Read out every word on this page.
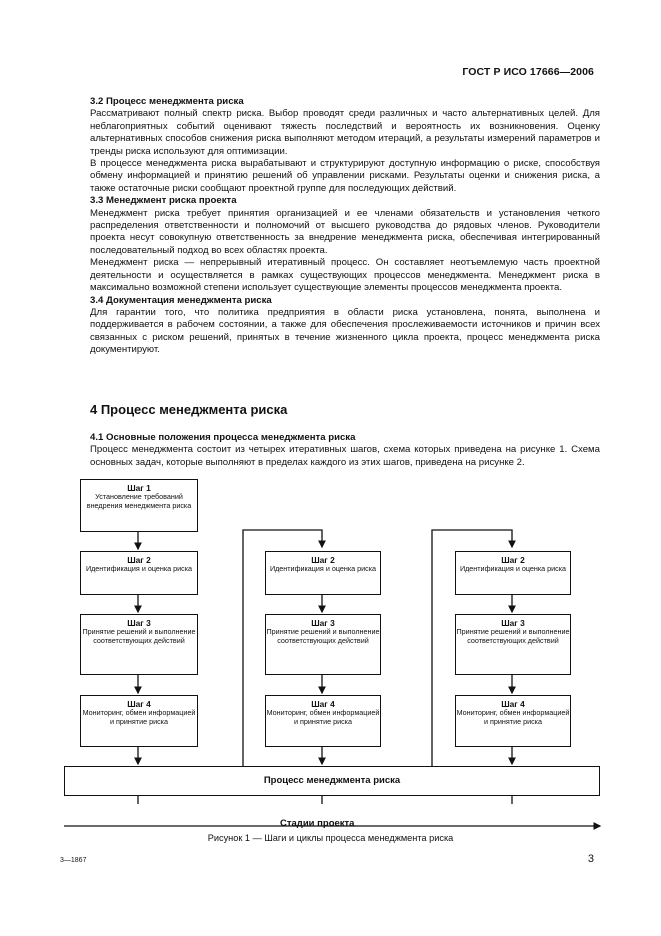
ГОСТ Р ИСО 17666—2006

3.2 Процесс менеджмента риска

Рассматривают полный спектр риска. Выбор проводят среди различных и часто альтернативных целей. Для неблагоприятных событий оценивают тяжесть последствий и вероятность их возникновения. Оценку альтернативных способов снижения риска выполняют методом итераций, а результаты измерений параметров и тренды риска используют для оптимизации.

В процессе менеджмента риска вырабатывают и структурируют доступную информацию о риске, способствуя обмену информацией и принятию решений об управлении рисками. Результаты оценки и снижения риска, а также остаточные риски сообщают проектной группе для последующих действий.

3.3 Менеджмент риска проекта

Менеджмент риска требует принятия организацией и ее членами обязательств и установления четкого распределения ответственности и полномочий от высшего руководства до рядовых членов. Руководители проекта несут совокупную ответственность за внедрение менеджмента риска, обеспечивая интегрированный последовательный подход во всех областях проекта.

Менеджмент риска — непрерывный итеративный процесс. Он составляет неотъемлемую часть проектной деятельности и осуществляется в рамках существующих процессов менеджмента. Менеджмент риска в максимально возможной степени использует существующие элементы процессов менеджмента проекта.

3.4 Документация менеджмента риска

Для гарантии того, что политика предприятия в области риска установлена, понята, выполнена и поддерживается в рабочем состоянии, а также для обеспечения прослеживаемости источников и причин всех связанных с риском решений, принятых в течение жизненного цикла проекта, процесс менеджмента риска документируют.

4 Процесс менеджмента риска

4.1 Основные положения процесса менеджмента риска

Процесс менеджмента состоит из четырех итеративных шагов, схема которых приведена на рисунке 1. Схема основных задач, которые выполняют в пределах каждого из этих шагов, приведена на рисунке 2.

Шаг 1
Установление требований внедрения менеджмента риска
Шаг 2
Идентификация и оценка риска
Шаг 3
Принятие решений и выполнение соответствующих действий
Шаг 4
Мониторинг, обмен информацией и принятие риска
Шаг 2
Идентификация и оценка риска
Шаг 3
Принятие решений и выполнение соответствующих действий
Шаг 4
Мониторинг, обмен информацией и принятие риска
Шаг 2
Идентификация и оценка риска
Шаг 3
Принятие решений и выполнение соответствующих действий
Шаг 4
Мониторинг, обмен информацией и принятие риска
Процесс менеджмента риска
Стадии проекта
Рисунок 1 — Шаги и циклы процесса менеджмента риска
3—1867	3
